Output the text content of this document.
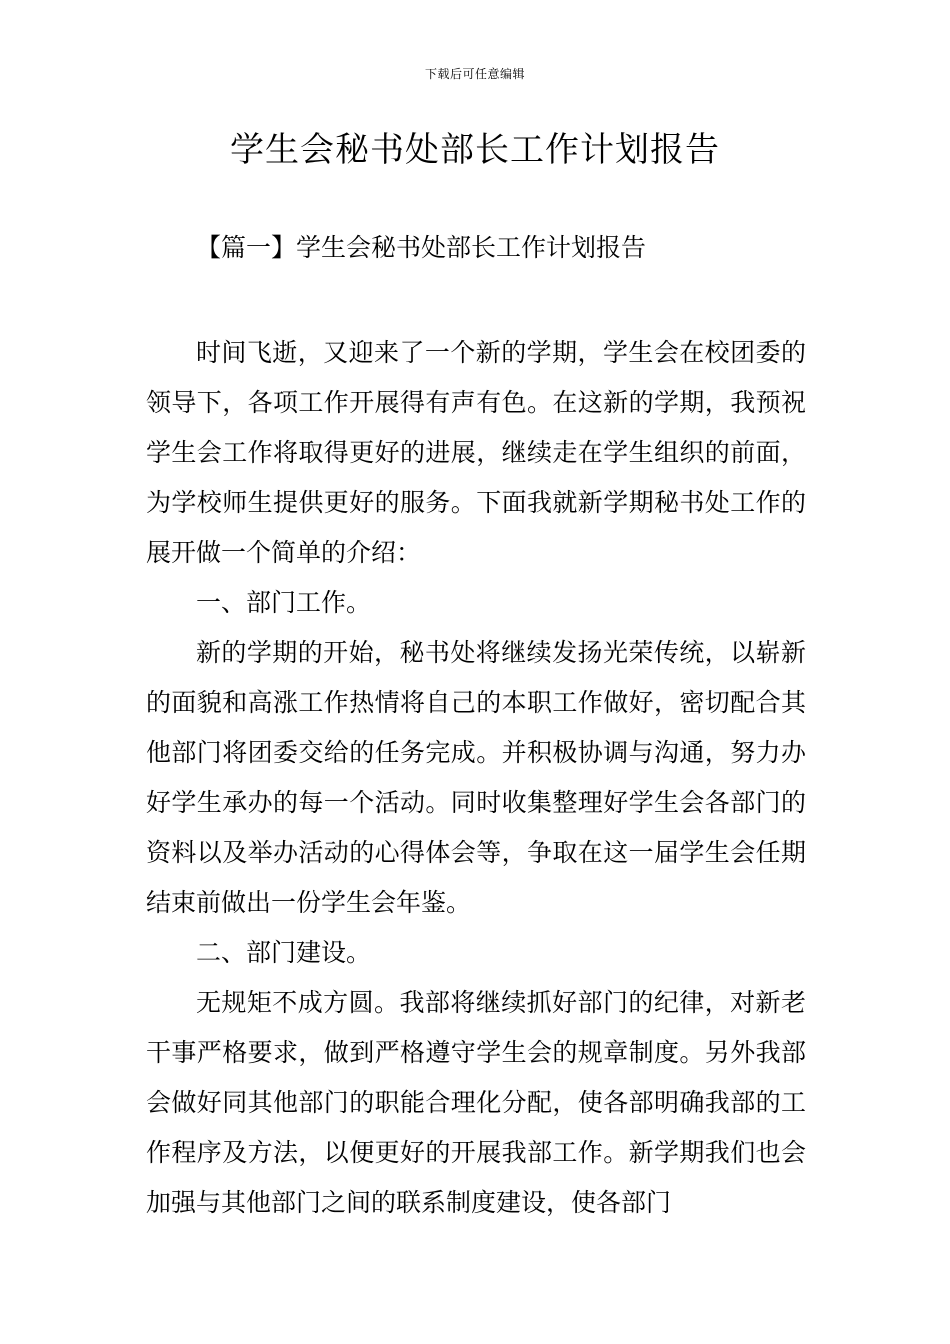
下载后可任意编辑
学生会秘书处部长工作计划报告
【篇一】学生会秘书处部长工作计划报告

时间飞逝，又迎来了一个新的学期，学生会在校团委的领导下，各项工作开展得有声有色。在这新的学期，我预祝学生会工作将取得更好的进展，继续走在学生组织的前面，为学校师生提供更好的服务。下面我就新学期秘书处工作的展开做一个简单的介绍：

一、部门工作。

新的学期的开始，秘书处将继续发扬光荣传统，以崭新的面貌和高涨工作热情将自己的本职工作做好，密切配合其他部门将团委交给的任务完成。并积极协调与沟通，努力办好学生承办的每一个活动。同时收集整理好学生会各部门的资料以及举办活动的心得体会等，争取在这一届学生会任期结束前做出一份学生会年鉴。

二、部门建设。

无规矩不成方圆。我部将继续抓好部门的纪律，对新老干事严格要求，做到严格遵守学生会的规章制度。另外我部会做好同其他部门的职能合理化分配，使各部明确我部的工作程序及方法，以便更好的开展我部工作。新学期我们也会加强与其他部门之间的联系制度建设，使各部门
